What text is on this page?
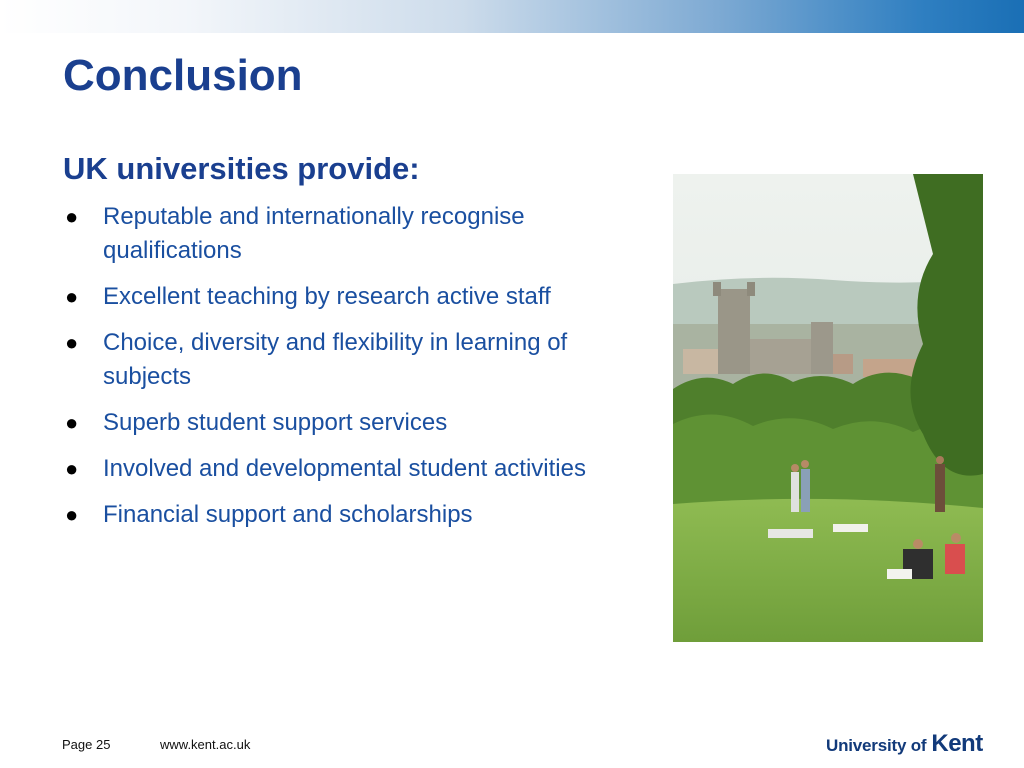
Conclusion
UK universities provide:
● Reputable and internationally recognise qualifications
● Excellent teaching by research active staff
● Choice, diversity and flexibility in learning of subjects
● Superb student support services
● Involved and developmental student activities
● Financial support and scholarships
Page 25	www.kent.ac.uk	University of Kent
